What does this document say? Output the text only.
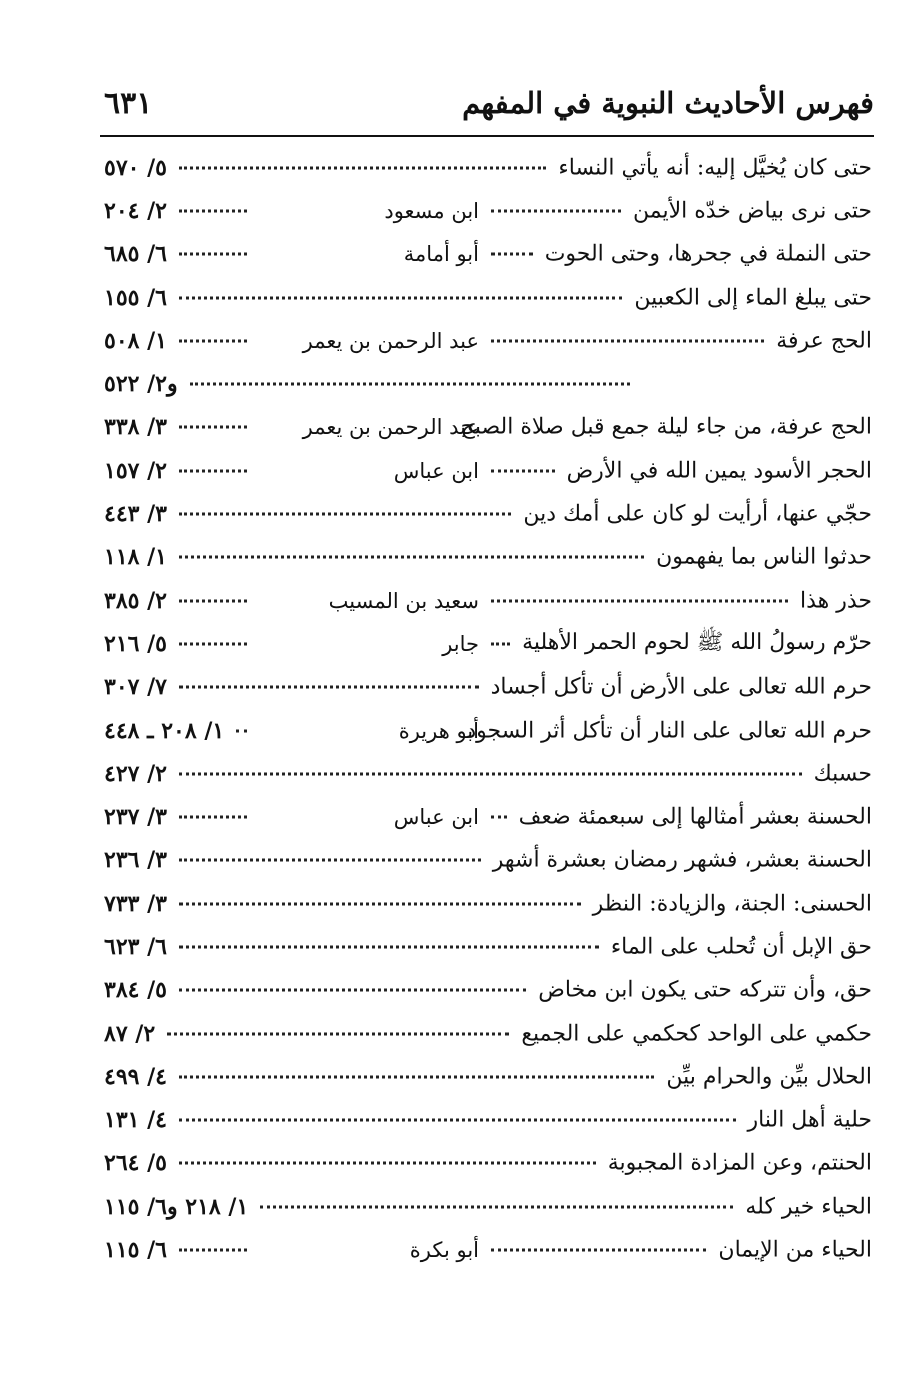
٦٣١	فهرس الأحاديث النبوية في المفهم
حتى كان يُخيَّل إليه: أنه يأتي النساء
٥/ ٥٧٠
حتى نرى بياض خدّه الأيمن
ابن مسعود
٢/ ٢٠٤
حتى النملة في جحرها، وحتى الحوت
أبو أمامة
٦/ ٦٨٥
حتى يبلغ الماء إلى الكعبين
٦/ ١٥٥
الحج عرفة
عبد الرحمن بن يعمر
١/ ٥٠٨
و٢/ ٥٢٢
الحج عرفة، من جاء ليلة جمع قبل صلاة الصبح
عبد الرحمن بن يعمر
٣/ ٣٣٨
الحجر الأسود يمين الله في الأرض
ابن عباس
٢/ ١٥٧
حجّي عنها، أرأيت لو كان على أمك دين
٣/ ٤٤٣
حدثوا الناس بما يفهمون
١/ ١١٨
حذر هذا
سعيد بن المسيب
٢/ ٣٨٥
حرّم رسولُ الله ﷺ لحوم الحمر الأهلية
جابر
٥/ ٢١٦
حرم الله تعالى على الأرض أن تأكل أجساد
٧/ ٣٠٧
حرم الله تعالى على النار أن تأكل أثر السجود
أبو هريرة
١/ ٢٠٨ ـ ٤٤٨
حسبك
٢/ ٤٢٧
الحسنة بعشر أمثالها إلى سبعمئة ضعف
ابن عباس
٣/ ٢٣٧
الحسنة بعشر، فشهر رمضان بعشرة أشهر
٣/ ٢٣٦
الحسنى: الجنة، والزيادة: النظر
٣/ ٧٣٣
حق الإبل أن تُحلب على الماء
٦/ ٦٢٣
حق، وأن تتركه حتى يكون ابن مخاض
٥/ ٣٨٤
حكمي على الواحد كحكمي على الجميع
٢/ ٨٧
الحلال بيِّن والحرام بيِّن
٤/ ٤٩٩
حلية أهل النار
٤/ ١٣١
الحنتم، وعن المزادة المجبوبة
٥/ ٢٦٤
الحياء خير كله
١/ ٢١٨ و٦/ ١١٥
الحياء من الإيمان
أبو بكرة
٦/ ١١٥
